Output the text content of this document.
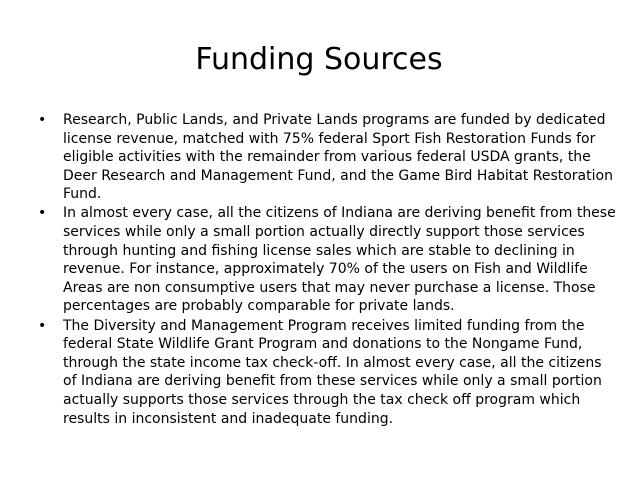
Funding Sources
• Research, Public Lands, and Private Lands programs are funded by dedicated license revenue, matched with 75% federal Sport Fish Restoration Funds for eligible activities with the remainder from various federal USDA grants, the Deer Research and Management Fund, and the Game Bird Habitat Restoration Fund.
• In almost every case, all the citizens of Indiana are deriving benefit from these services while only a small portion actually directly support those services through hunting and fishing license sales which are stable to declining in revenue. For instance, approximately 70% of the users on Fish and Wildlife Areas are non consumptive users that may never purchase a license. Those percentages are probably comparable for private lands.
• The Diversity and Management Program receives limited funding from the federal State Wildlife Grant Program and donations to the Nongame Fund, through the state income tax check-off. In almost every case, all the citizens of Indiana are deriving benefit from these services while only a small portion actually supports those services through the tax check off program which results in inconsistent and inadequate funding.
